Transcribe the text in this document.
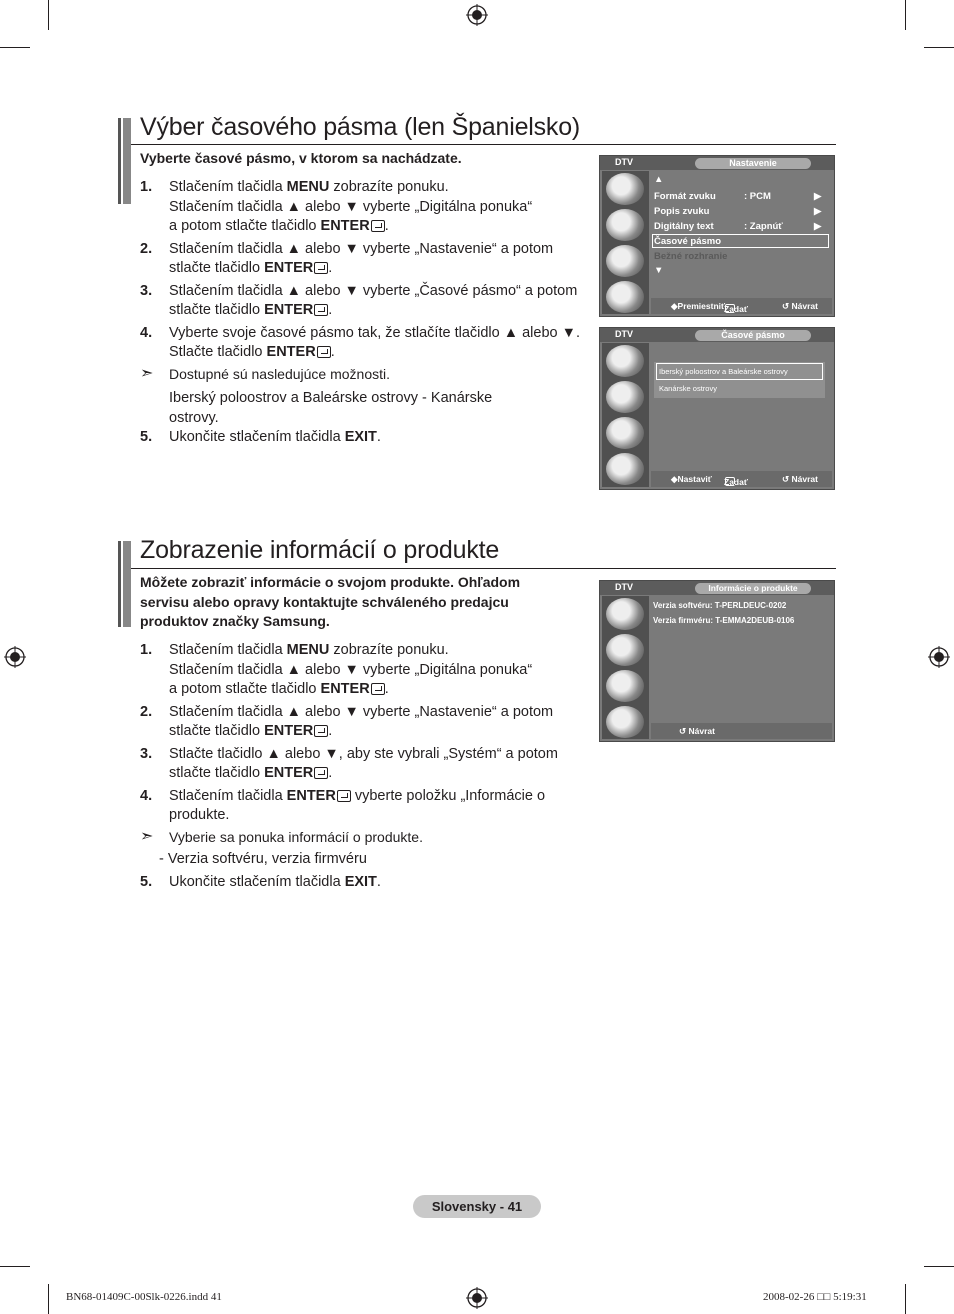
Výber časového pásma (len Španielsko)
Vyberte časové pásmo, v ktorom sa nachádzate.
1. Stlačením tlačidla MENU zobrazíte ponuku.
Stlačením tlačidla ▲ alebo ▼ vyberte „Digitálna ponuka“
a potom stlačte tlačidlo ENTER .
2. Stlačením tlačidla ▲ alebo ▼ vyberte „Nastavenie“ a potom
stlačte tlačidlo ENTER .
3. Stlačením tlačidla ▲ alebo ▼ vyberte „Časové pásmo“ a potom
stlačte tlačidlo ENTER .
4. Vyberte svoje časové pásmo tak, že stlačíte tlačidlo ▲ alebo ▼.
Stlačte tlačidlo ENTER .
➣ Dostupné sú nasledujúce možnosti.
Iberský poloostrov a Baleárske ostrovy - Kanárske
ostrovy.
5. Ukončite stlačením tlačidla EXIT.
DTV	Nastavenie
▲
Formát zvuku	: PCM	▶
Popis zvuku	▶
Digitálny text	: Zapnúť	▶
Časové pásmo
Bežné rozhranie
▼
◆Premiestniť
Zadať	↺ Návrat
DTV	Časové pásmo
Iberský poloostrov a Baleárske ostrovy
Kanárske ostrovy
◆Nastaviť Zadať	↺ Návrat
Zobrazenie informácií o produkte
Môžete zobraziť informácie o svojom produkte. Ohľadom
servisu alebo opravy kontaktujte schváleného predajcu
produktov značky Samsung.
1. Stlačením tlačidla MENU zobrazíte ponuku.
Stlačením tlačidla ▲ alebo ▼ vyberte „Digitálna ponuka“
a potom stlačte tlačidlo ENTER .
2. Stlačením tlačidla ▲ alebo ▼ vyberte „Nastavenie“ a potom
stlačte tlačidlo ENTER .
3. Stlačte tlačidlo ▲ alebo ▼, aby ste vybrali „Systém“ a potom
stlačte tlačidlo ENTER .
4. Stlačením tlačidla ENTER vyberte položku „Informácie o
produkte.
➣ Vyberie sa ponuka informácií o produkte.
- Verzia softvéru, verzia firmvéru
5. Ukončite stlačením tlačidla EXIT.
DTV	Informácie o produkte
Verzia softvéru: T-PERLDEUC-0202
Verzia firmvéru: T-EMMA2DEUB-0106
↺ Návrat
Slovensky - 41
BN68-01409C-00Slk-0226.indd 41	2008-02-26 □□ 5:19:31
